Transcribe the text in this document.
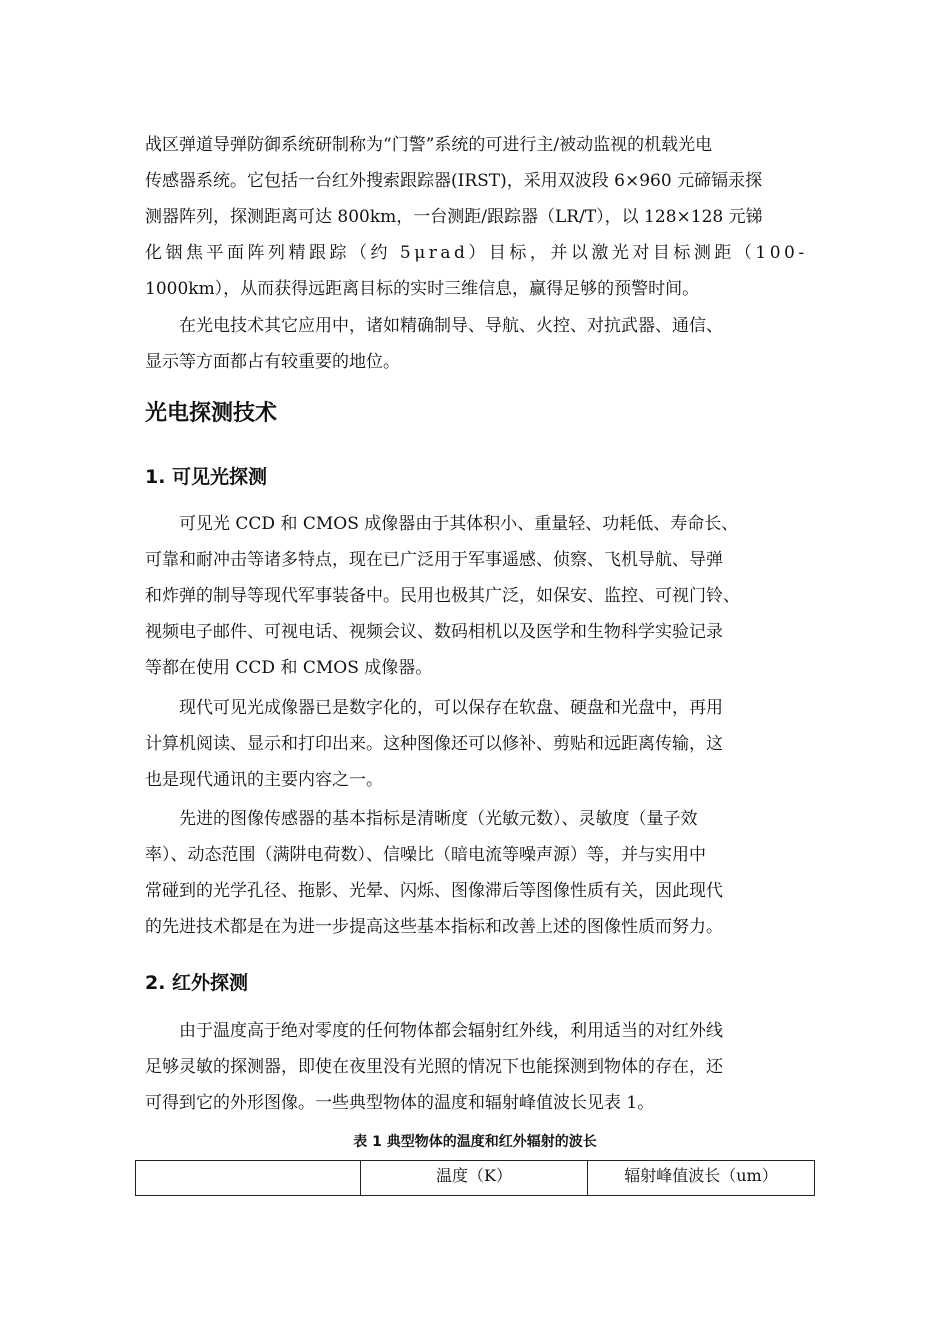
战区弹道导弹防御系统研制称为“门警”系统的可进行主/被动监视的机载光电
传感器系统。它包括一台红外搜索跟踪器(IRST)，采用双波段 6×960 元碲镉汞探
测器阵列，探测距离可达 800km，一台测距/跟踪器（LR/T），以 128×128 元锑
化铟焦平面阵列精跟踪（约 5μrad）目标，并以激光对目标测距（100-
1000km），从而获得远距离目标的实时三维信息，赢得足够的预警时间。
在光电技术其它应用中，诸如精确制导、导航、火控、对抗武器、通信、
显示等方面都占有较重要的地位。
光电探测技术
1. 可见光探测
可见光 CCD 和 CMOS 成像器由于其体积小、重量轻、功耗低、寿命长、
可靠和耐冲击等诸多特点，现在已广泛用于军事遥感、侦察、飞机导航、导弹
和炸弹的制导等现代军事装备中。民用也极其广泛，如保安、监控、可视门铃、
视频电子邮件、可视电话、视频会议、数码相机以及医学和生物科学实验记录
等都在使用 CCD 和 CMOS 成像器。
现代可见光成像器已是数字化的，可以保存在软盘、硬盘和光盘中，再用
计算机阅读、显示和打印出来。这种图像还可以修补、剪贴和远距离传输，这
也是现代通讯的主要内容之一。
先进的图像传感器的基本指标是清晰度（光敏元数）、灵敏度（量子效
率）、动态范围（满阱电荷数）、信噪比（暗电流等噪声源）等，并与实用中
常碰到的光学孔径、拖影、光晕、闪烁、图像滞后等图像性质有关，因此现代
的先进技术都是在为进一步提高这些基本指标和改善上述的图像性质而努力。
2. 红外探测
由于温度高于绝对零度的任何物体都会辐射红外线，利用适当的对红外线
足够灵敏的探测器，即使在夜里没有光照的情况下也能探测到物体的存在，还
可得到它的外形图像。一些典型物体的温度和辐射峰值波长见表 1。
表 1 典型物体的温度和红外辐射的波长
	温度（K）	辐射峰值波长（um）
